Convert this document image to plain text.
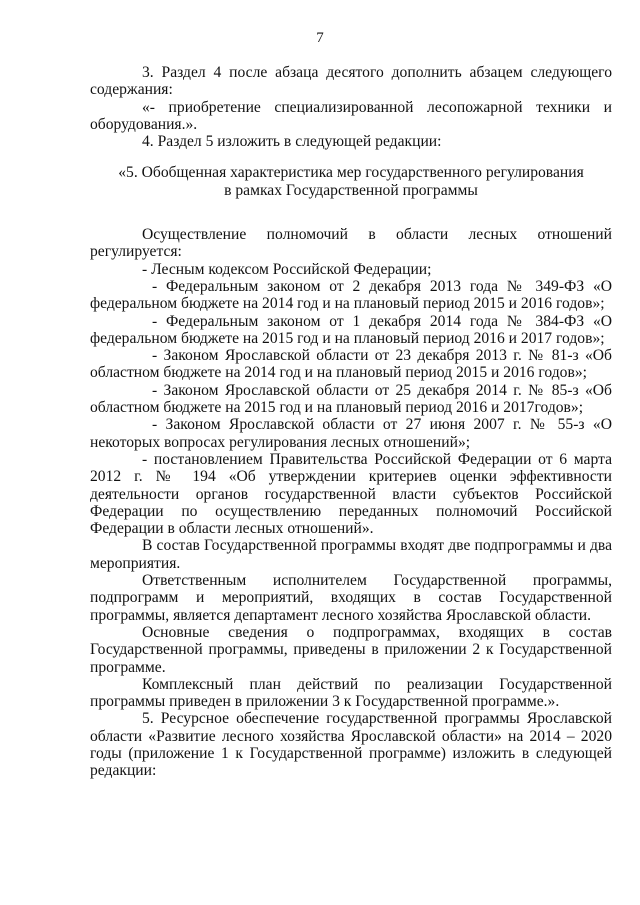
7

3. Раздел 4 после абзаца десятого дополнить абзацем следующего содержания:

«- приобретение специализированной лесопожарной техники и оборудования.».

4. Раздел 5 изложить в следующей редакции:

«5. Обобщенная характеристика мер государственного регулирования
в рамках Государственной программы

Осуществление полномочий в области лесных отношений регулируется:

- Лесным кодексом Российской Федерации;

- Федеральным законом от 2 декабря 2013 года № 349-ФЗ «О федеральном бюджете на 2014 год и на плановый период 2015 и 2016 годов»;

- Федеральным законом от 1 декабря 2014 года № 384-ФЗ «О федеральном бюджете на 2015 год и на плановый период 2016 и 2017 годов»;

- Законом Ярославской области от 23 декабря 2013 г. № 81-з «Об областном бюджете на 2014 год и на плановый период 2015 и 2016 годов»;

- Законом Ярославской области от 25 декабря 2014 г. № 85-з «Об областном бюджете на 2015 год и на плановый период 2016 и 2017годов»;

- Законом Ярославской области от 27 июня 2007 г. № 55-з «О некоторых вопросах регулирования лесных отношений»;

- постановлением Правительства Российской Федерации от 6 марта 2012 г. № 194 «Об утверждении критериев оценки эффективности деятельности органов государственной власти субъектов Российской Федерации по осуществлению переданных полномочий Российской Федерации в области лесных отношений».

В состав Государственной программы входят две подпрограммы и два мероприятия.

Ответственным исполнителем Государственной программы, подпрограмм и мероприятий, входящих в состав Государственной программы, является департамент лесного хозяйства Ярославской области.

Основные сведения о подпрограммах, входящих в состав Государственной программы, приведены в приложении 2 к Государственной программе.

Комплексный план действий по реализации Государственной программы приведен в приложении 3 к Государственной программе.».

5. Ресурсное обеспечение государственной программы Ярославской области «Развитие лесного хозяйства Ярославской области» на 2014 – 2020 годы (приложение 1 к Государственной программе) изложить в следующей редакции:
